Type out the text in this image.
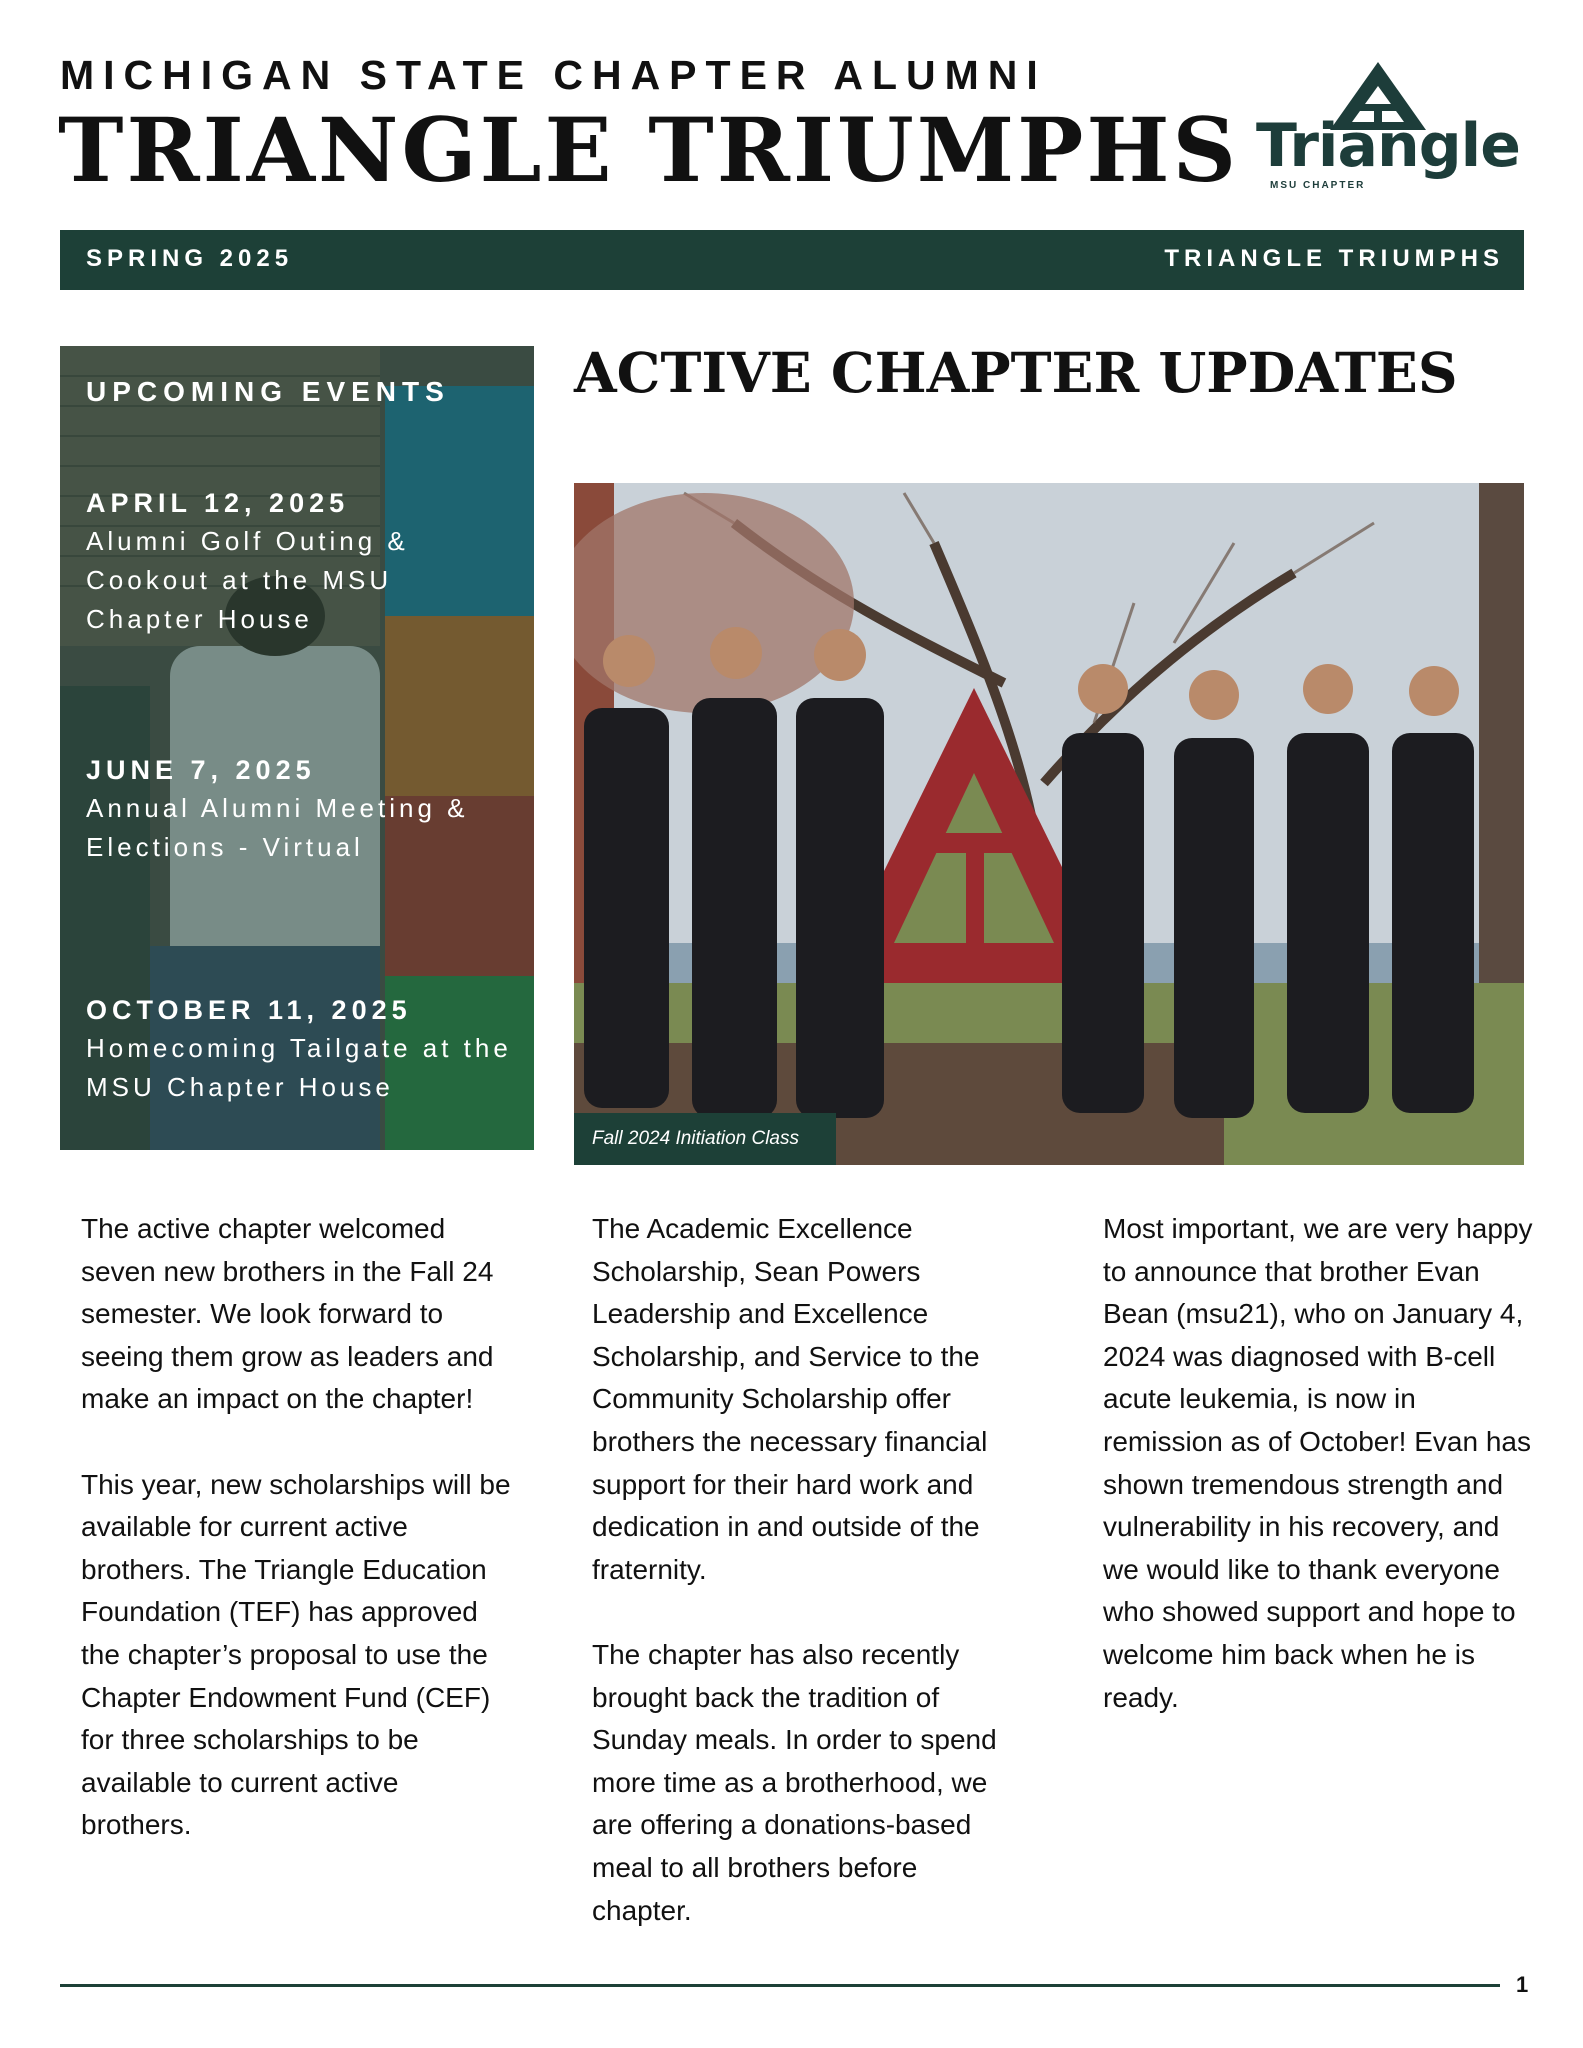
MICHIGAN STATE CHAPTER ALUMNI
TRIANGLE TRIUMPHS Triangle
MSU CHAPTER
SPRING 2025	TRIANGLE TRIUMPHS
UPCOMING EVENTS
APRIL 12, 2025
Alumni Golf Outing & Cookout at the MSU Chapter House
JUNE 7, 2025
Annual Alumni Meeting & Elections - Virtual
OCTOBER 11, 2025
Homecoming Tailgate at the MSU Chapter House
ACTIVE CHAPTER UPDATES
Fall 2024 Initiation Class

The active chapter welcomed seven new brothers in the Fall 24 semester. We look forward to seeing them grow as leaders and make an impact on the chapter!

This year, new scholarships will be available for current active brothers. The Triangle Education Foundation (TEF) has approved the chapter’s proposal to use the Chapter Endowment Fund (CEF) for three scholarships to be available to current active brothers.

The Academic Excellence Scholarship, Sean Powers Leadership and Excellence Scholarship, and Service to the Community Scholarship offer brothers the necessary financial support for their hard work and dedication in and outside of the fraternity.

The chapter has also recently brought back the tradition of Sunday meals. In order to spend more time as a brotherhood, we are offering a donations-based meal to all brothers before chapter.

Most important, we are very happy to announce that brother Evan Bean (msu21), who on January 4, 2024 was diagnosed with B-cell acute leukemia, is now in remission as of October! Evan has shown tremendous strength and vulnerability in his recovery, and we would like to thank everyone who showed support and hope to welcome him back when he is ready.

1
